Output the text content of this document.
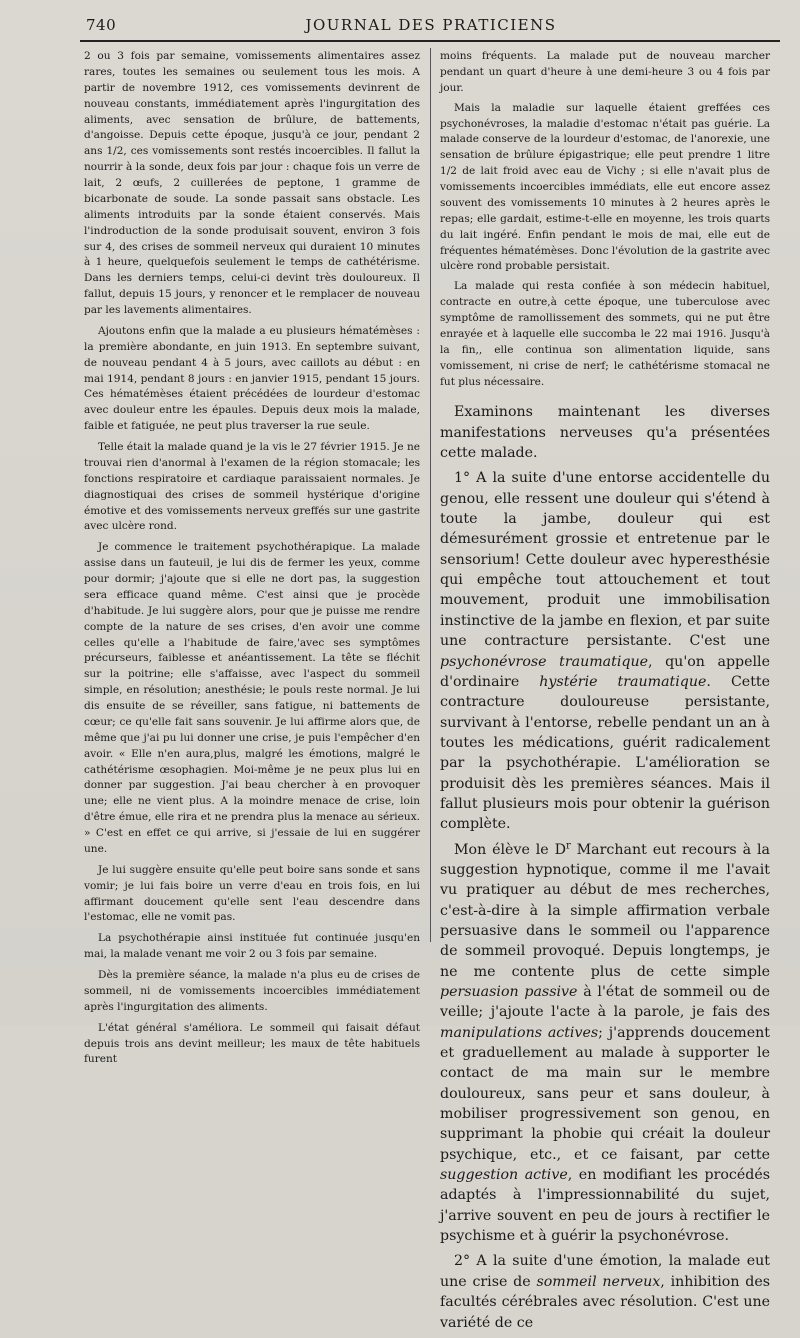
740	JOURNAL DES PRATICIENS

2 ou 3 fois par semaine, vomissements alimentaires assez rares, toutes les semaines ou seulement tous les mois. A partir de novembre 1912, ces vomissements devinrent de nouveau constants, immédiatement après l'ingurgitation des aliments, avec sensation de brûlure, de battements, d'angoisse. Depuis cette époque, jusqu'à ce jour, pendant 2 ans 1/2, ces vomissements sont restés incoercibles. Il fallut la nourrir à la sonde, deux fois par jour : chaque fois un verre de lait, 2 œufs, 2 cuillerées de peptone, 1 gramme de bicarbonate de soude. La sonde passait sans obstacle. Les aliments introduits par la sonde étaient conservés. Mais l'indroduction de la sonde produisait souvent, environ 3 fois sur 4, des crises de sommeil nerveux qui duraient 10 minutes à 1 heure, quelquefois seulement le temps de cathétérisme. Dans les derniers temps, celui-ci devint très douloureux. Il fallut, depuis 15 jours, y renoncer et le remplacer de nouveau par les lavements alimentaires.

Ajoutons enfin que la malade a eu plusieurs hématémèses : la première abondante, en juin 1913. En septembre suivant, de nouveau pendant 4 à 5 jours, avec caillots au début : en mai 1914, pendant 8 jours : en janvier 1915, pendant 15 jours. Ces hématémèses étaient précédées de lourdeur d'estomac avec douleur entre les épaules. Depuis deux mois la malade, faible et fatiguée, ne peut plus traverser la rue seule.

Telle était la malade quand je la vis le 27 février 1915. Je ne trouvai rien d'anormal à l'examen de la région stomacale; les fonctions respiratoire et cardiaque paraissaient normales. Je diagnostiquai des crises de sommeil hystérique d'origine émotive et des vomissements nerveux greffés sur une gastrite avec ulcère rond.

Je commence le traitement psychothérapique. La malade assise dans un fauteuil, je lui dis de fermer les yeux, comme pour dormir; j'ajoute que si elle ne dort pas, la suggestion sera efficace quand même. C'est ainsi que je procède d'habitude. Je lui suggère alors, pour que je puisse me rendre compte de la nature de ses crises, d'en avoir une comme celles qu'elle a l'habitude de faire,'avec ses symptômes précurseurs, faiblesse et anéantissement. La tête se fléchit sur la poitrine; elle s'affaisse, avec l'aspect du sommeil simple, en résolution; anesthésie; le pouls reste normal. Je lui dis ensuite de se réveiller, sans fatigue, ni battements de cœur; ce qu'elle fait sans souvenir. Je lui affirme alors que, de même que j'ai pu lui donner une crise, je puis l'empêcher d'en avoir. « Elle n'en aura,plus, malgré les émotions, malgré le cathétérisme œsophagien. Moi-même je ne peux plus lui en donner par suggestion. J'ai beau chercher à en provoquer une; elle ne vient plus. A la moindre menace de crise, loin d'être émue, elle rira et ne prendra plus la menace au sérieux. » C'est en effet ce qui arrive, si j'essaie de lui en suggérer une.

Je lui suggère ensuite qu'elle peut boire sans sonde et sans vomir; je lui fais boire un verre d'eau en trois fois, en lui affirmant doucement qu'elle sent l'eau descendre dans l'estomac, elle ne vomit pas.

La psychothérapie ainsi instituée fut continuée jusqu'en mai, la malade venant me voir 2 ou 3 fois par semaine.

Dès la première séance, la malade n'a plus eu de crises de sommeil, ni de vomissements incoercibles immédiatement après l'ingurgitation des aliments.

L'état général s'améliora. Le sommeil qui faisait défaut depuis trois ans devint meilleur; les maux de tête habituels furent

moins fréquents. La malade put de nouveau marcher pendant un quart d'heure à une demi-heure 3 ou 4 fois par jour.

Mais la maladie sur laquelle étaient greffées ces psychonévroses, la maladie d'estomac n'était pas guérie. La malade conserve de la lourdeur d'estomac, de l'anorexie, une sensation de brûlure épigastrique; elle peut prendre 1 litre 1/2 de lait froid avec eau de Vichy ; si elle n'avait plus de vomissements incoercibles immédiats, elle eut encore assez souvent des vomissements 10 minutes à 2 heures après le repas; elle gardait, estime-t-elle en moyenne, les trois quarts du lait ingéré. Enfin pendant le mois de mai, elle eut de fréquentes hématémèses. Donc l'évolution de la gastrite avec ulcère rond probable persistait.

La malade qui resta confiée à son médecin habituel, contracte en outre,à cette époque, une tuberculose avec symptôme de ramollissement des sommets, qui ne put être enrayée et à laquelle elle succomba le 22 mai 1916. Jusqu'à la fin,, elle continua son alimentation liquide, sans vomissement, ni crise de nerf; le cathétérisme stomacal ne fut plus nécessaire.

Examinons maintenant les diverses manifestations nerveuses qu'a présentées cette malade.

1° A la suite d'une entorse accidentelle du genou, elle ressent une douleur qui s'étend à toute la jambe, douleur qui est démesurément grossie et entretenue par le sensorium! Cette douleur avec hyperesthésie qui empêche tout attouchement et tout mouvement, produit une immobilisation instinctive de la jambe en flexion, et par suite une contracture persistante. C'est une psychonévrose traumatique, qu'on appelle d'ordinaire hystérie traumatique. Cette contracture douloureuse persistante, survivant à l'entorse, rebelle pendant un an à toutes les médications, guérit radicalement par la psychothérapie. L'amélioration se produisit dès les premières séances. Mais il fallut plusieurs mois pour obtenir la guérison complète.

Mon élève le $D^r$ Marchant eut recours à la suggestion hypnotique, comme il me l'avait vu pratiquer au début de mes recherches, c'est-à-dire à la simple affirmation verbale persuasive dans le sommeil ou l'apparence de sommeil provoqué. Depuis longtemps, je ne me contente plus de cette simple persuasion passive à l'état de sommeil ou de veille; j'ajoute l'acte à la parole, je fais des manipulations actives; j'apprends doucement et graduellement au malade à supporter le contact de ma main sur le membre douloureux, sans peur et sans douleur, à mobiliser progressivement son genou, en supprimant la phobie qui créait la douleur psychique, etc., et ce faisant, par cette suggestion active, en modifiant les procédés adaptés à l'impressionnabilité du sujet, j'arrive souvent en peu de jours à rectifier le psychisme et à guérir la psychonévrose.

2° A la suite d'une émotion, la malade eut une crise de sommeil nerveux, inhibition des facultés cérébrales avec résolution. C'est une variété de ce
